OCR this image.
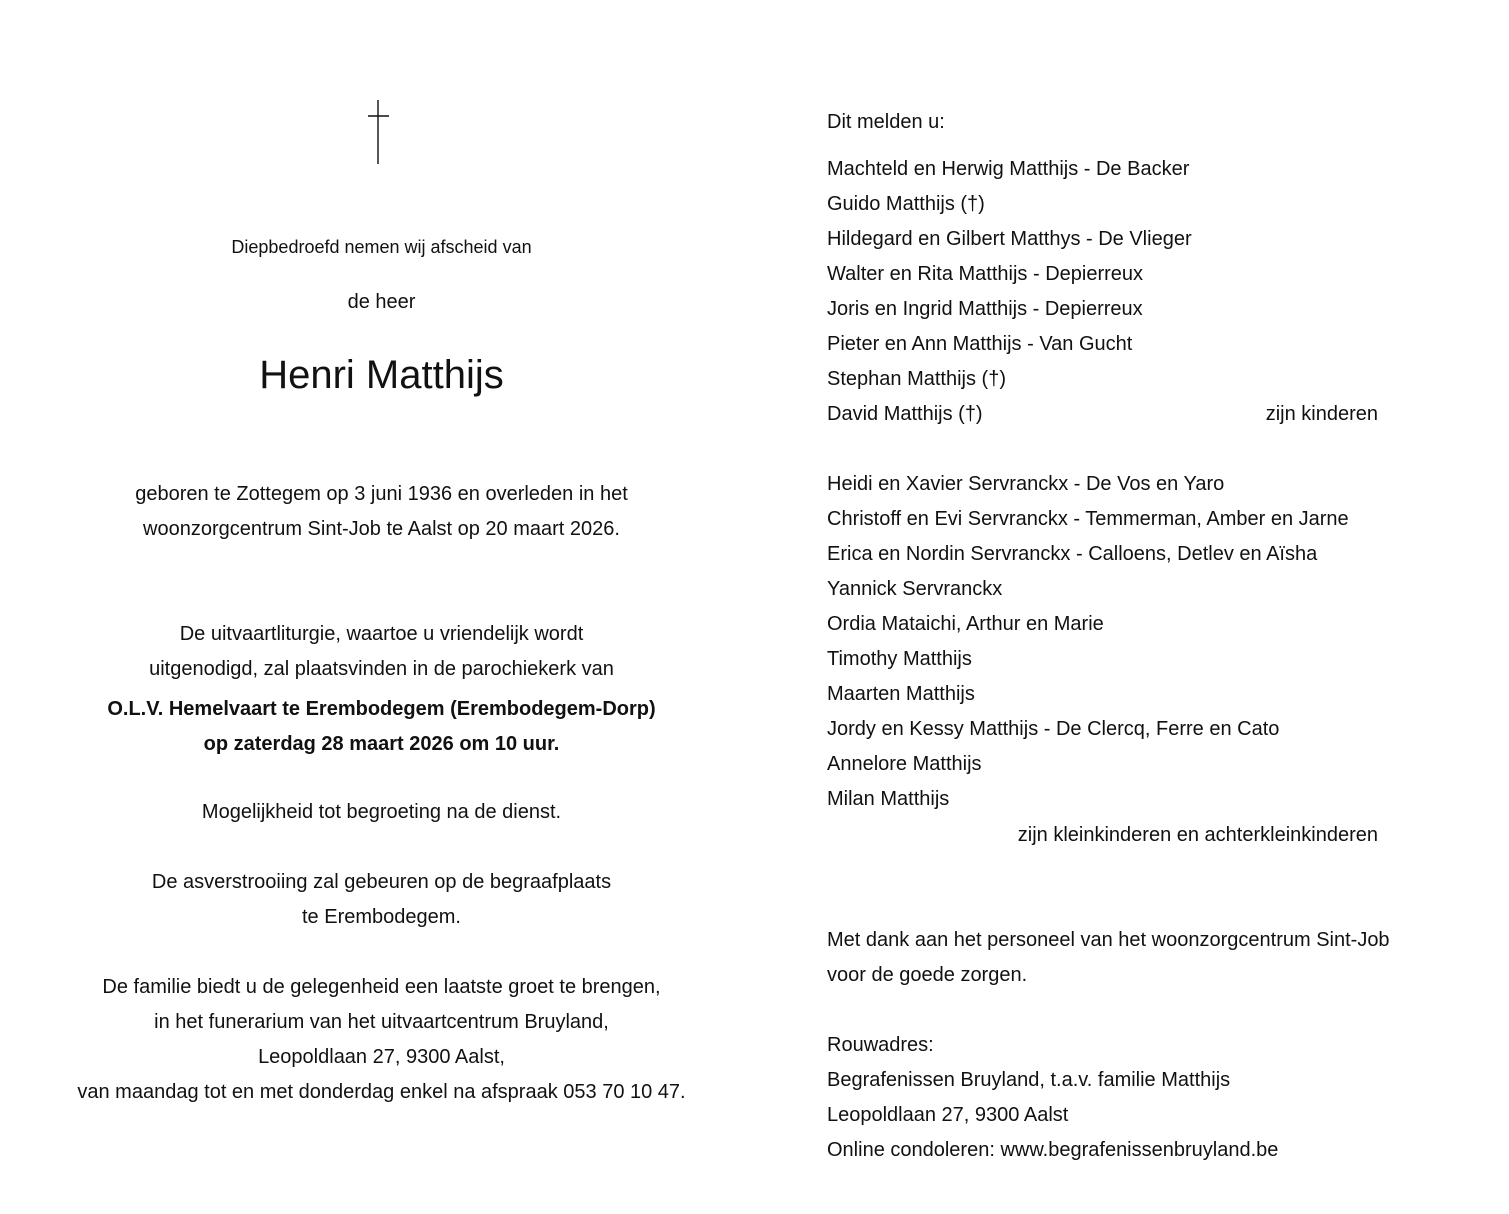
Diepbedroefd nemen wij afscheid van
de heer
Henri Matthijs
geboren te Zottegem op 3 juni 1936 en overleden in het
woonzorgcentrum Sint-Job te Aalst op 20 maart 2026.
De uitvaartliturgie, waartoe u vriendelijk wordt
uitgenodigd, zal plaatsvinden in de parochiekerk van
O.L.V. Hemelvaart te Erembodegem (Erembodegem-Dorp)
op zaterdag 28 maart 2026 om 10 uur.
Mogelijkheid tot begroeting na de dienst.
De asverstrooiing zal gebeuren op de begraafplaats
te Erembodegem.
De familie biedt u de gelegenheid een laatste groet te brengen,
in het funerarium van het uitvaartcentrum Bruyland,
Leopoldlaan 27, 9300 Aalst,
van maandag tot en met donderdag enkel na afspraak 053 70 10 47.
Dit melden u:
Machteld en Herwig Matthijs - De Backer
Guido Matthijs (†)
Hildegard en Gilbert Matthys - De Vlieger
Walter en Rita Matthijs - Depierreux
Joris en Ingrid Matthijs - Depierreux
Pieter en Ann Matthijs - Van Gucht
Stephan Matthijs (†)
David Matthijs (†)	zijn kinderen
Heidi en Xavier Servranckx - De Vos en Yaro
Christoff en Evi Servranckx - Temmerman, Amber en Jarne
Erica en Nordin Servranckx - Calloens, Detlev en Aïsha
Yannick Servranckx
Ordia Mataichi, Arthur en Marie
Timothy Matthijs
Maarten Matthijs
Jordy en Kessy Matthijs - De Clercq, Ferre en Cato
Annelore Matthijs
Milan Matthijs
zijn kleinkinderen en achterkleinkinderen
Met dank aan het personeel van het woonzorgcentrum Sint-Job
voor de goede zorgen.
Rouwadres:
Begrafenissen Bruyland, t.a.v. familie Matthijs
Leopoldlaan 27, 9300 Aalst
Online condoleren: www.begrafenissenbruyland.be
